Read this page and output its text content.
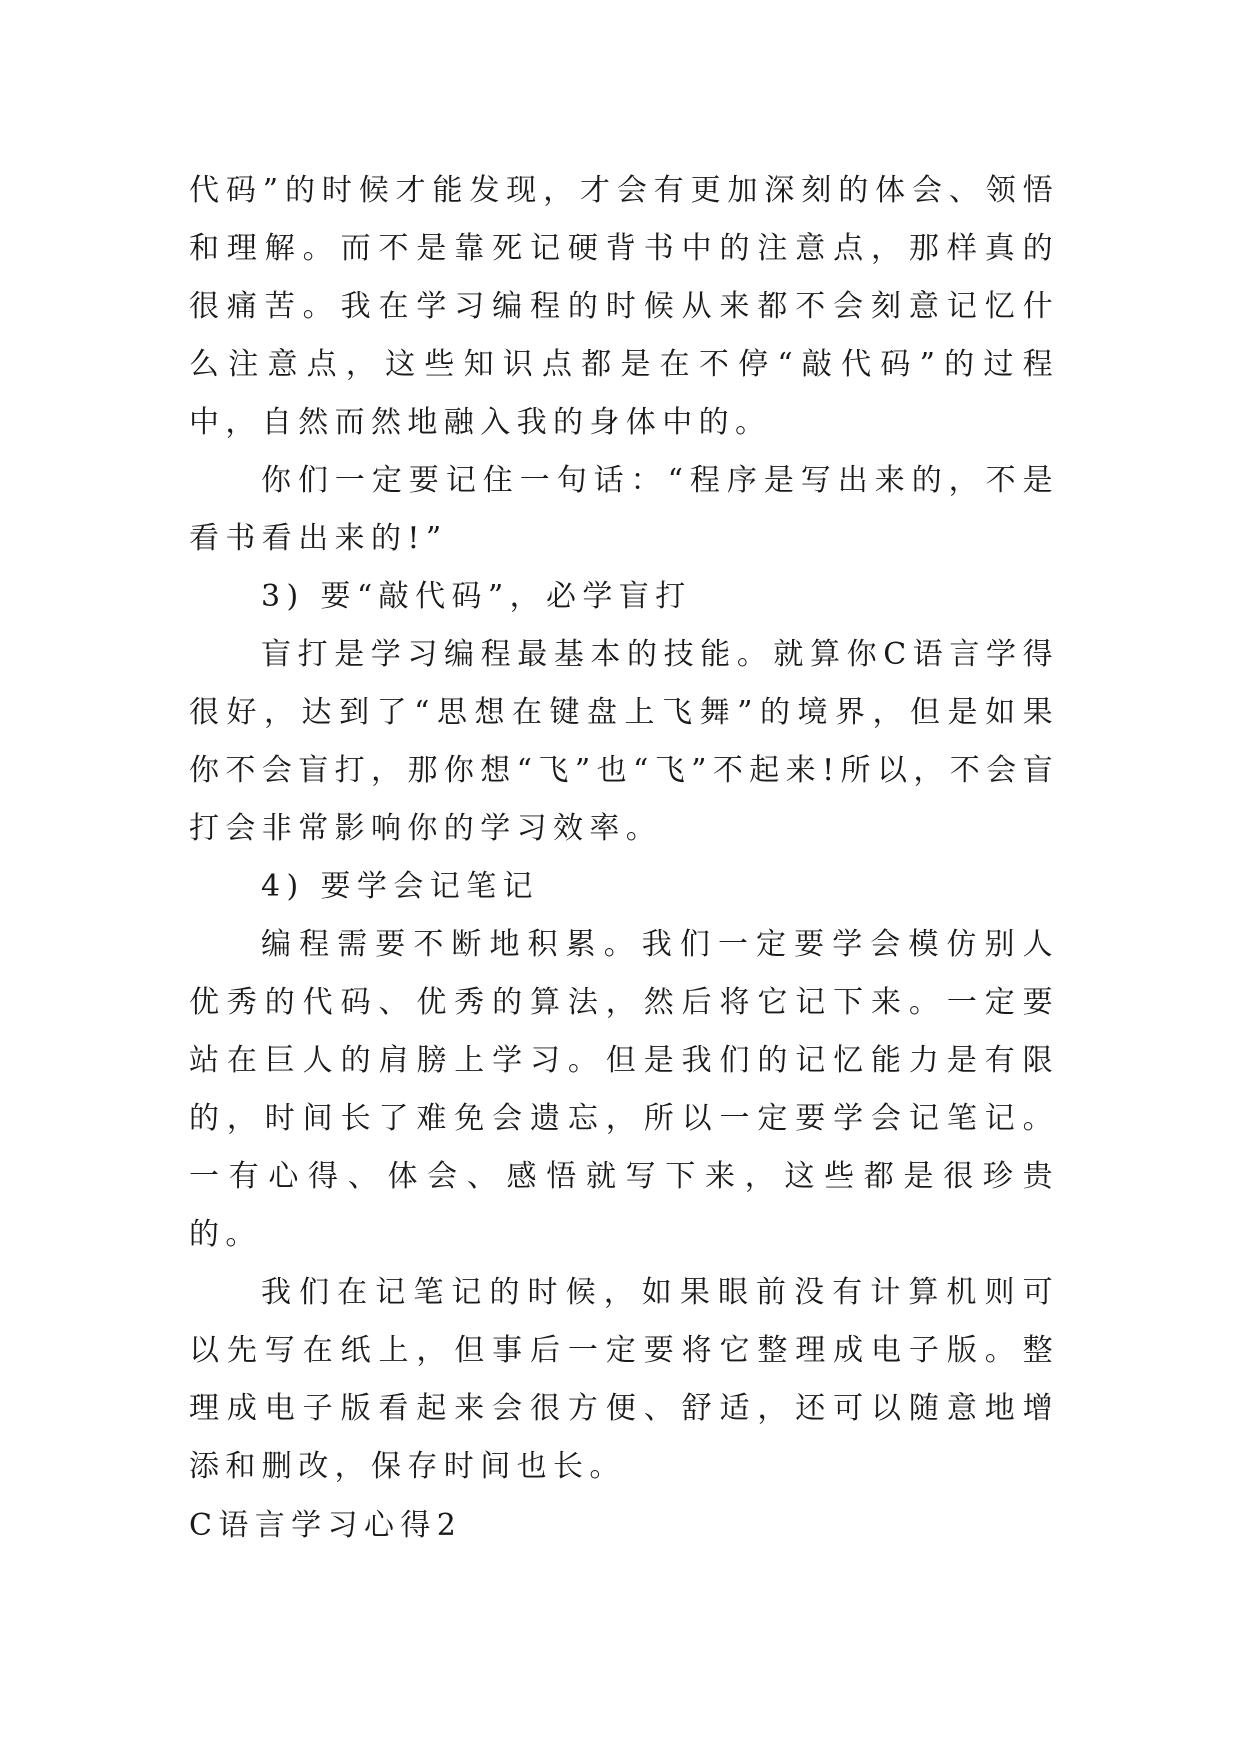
代码”的时候才能发现，才会有更加深刻的体会、领悟和理解。而不是靠死记硬背书中的注意点，那样真的很痛苦。我在学习编程的时候从来都不会刻意记忆什么注意点，这些知识点都是在不停“敲代码”的过程中，自然而然地融入我的身体中的。

你们一定要记住一句话：“程序是写出来的，不是看书看出来的!”

3) 要“敲代码”，必学盲打

盲打是学习编程最基本的技能。就算你C语言学得很好，达到了“思想在键盘上飞舞”的境界，但是如果你不会盲打，那你想“飞”也“飞”不起来!所以，不会盲打会非常影响你的学习效率。

4) 要学会记笔记

编程需要不断地积累。我们一定要学会模仿别人优秀的代码、优秀的算法，然后将它记下来。一定要站在巨人的肩膀上学习。但是我们的记忆能力是有限的，时间长了难免会遗忘，所以一定要学会记笔记。一有心得、体会、感悟就写下来，这些都是很珍贵的。

我们在记笔记的时候，如果眼前没有计算机则可以先写在纸上，但事后一定要将它整理成电子版。整理成电子版看起来会很方便、舒适，还可以随意地增添和删改，保存时间也长。

C语言学习心得2
